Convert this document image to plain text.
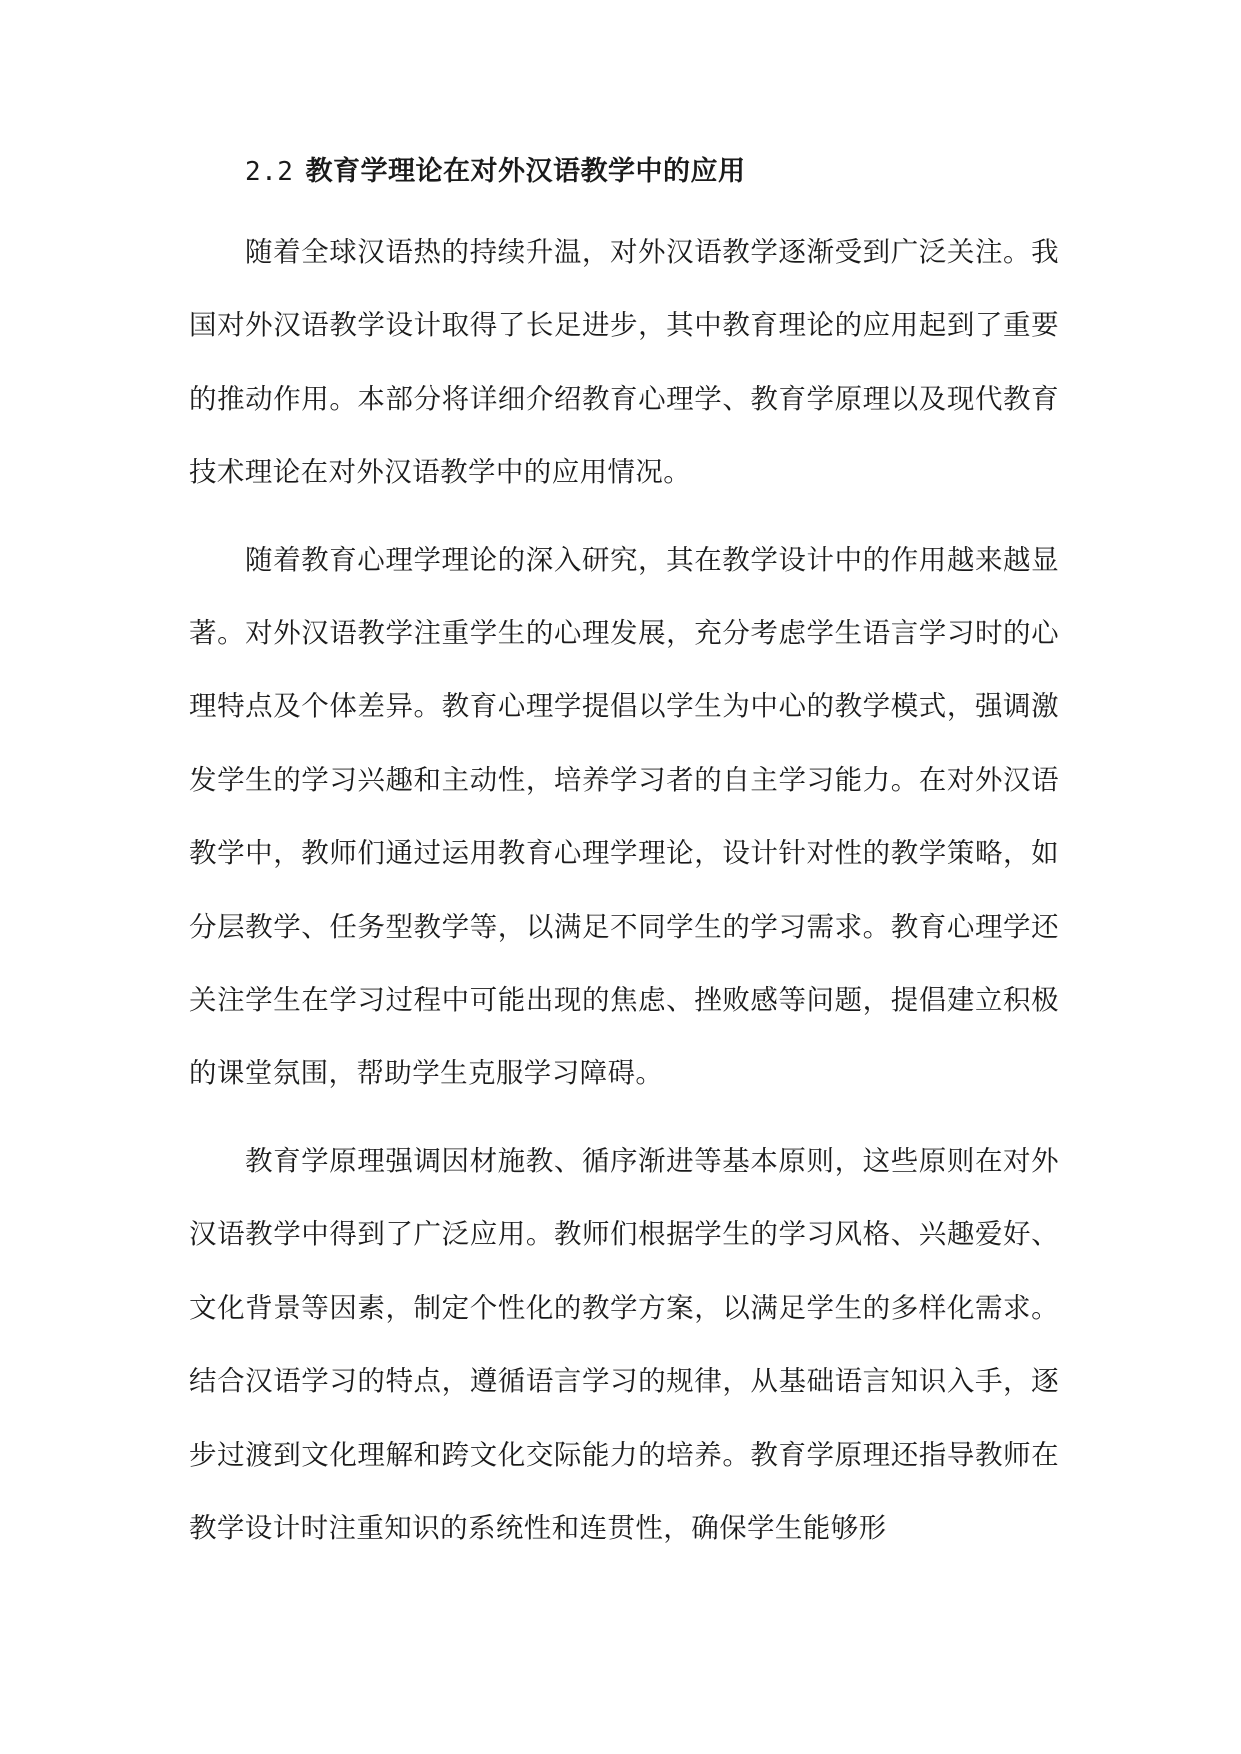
2.2 教育学理论在对外汉语教学中的应用

随着全球汉语热的持续升温，对外汉语教学逐渐受到广泛关注。我国对外汉语教学设计取得了长足进步，其中教育理论的应用起到了重要的推动作用。本部分将详细介绍教育心理学、教育学原理以及现代教育技术理论在对外汉语教学中的应用情况。

随着教育心理学理论的深入研究，其在教学设计中的作用越来越显著。对外汉语教学注重学生的心理发展，充分考虑学生语言学习时的心理特点及个体差异。教育心理学提倡以学生为中心的教学模式，强调激发学生的学习兴趣和主动性，培养学习者的自主学习能力。在对外汉语教学中，教师们通过运用教育心理学理论，设计针对性的教学策略，如分层教学、任务型教学等，以满足不同学生的学习需求。教育心理学还关注学生在学习过程中可能出现的焦虑、挫败感等问题，提倡建立积极的课堂氛围，帮助学生克服学习障碍。

教育学原理强调因材施教、循序渐进等基本原则，这些原则在对外汉语教学中得到了广泛应用。教师们根据学生的学习风格、兴趣爱好、文化背景等因素，制定个性化的教学方案，以满足学生的多样化需求。结合汉语学习的特点，遵循语言学习的规律，从基础语言知识入手，逐步过渡到文化理解和跨文化交际能力的培养。教育学原理还指导教师在教学设计时注重知识的系统性和连贯性，确保学生能够形
